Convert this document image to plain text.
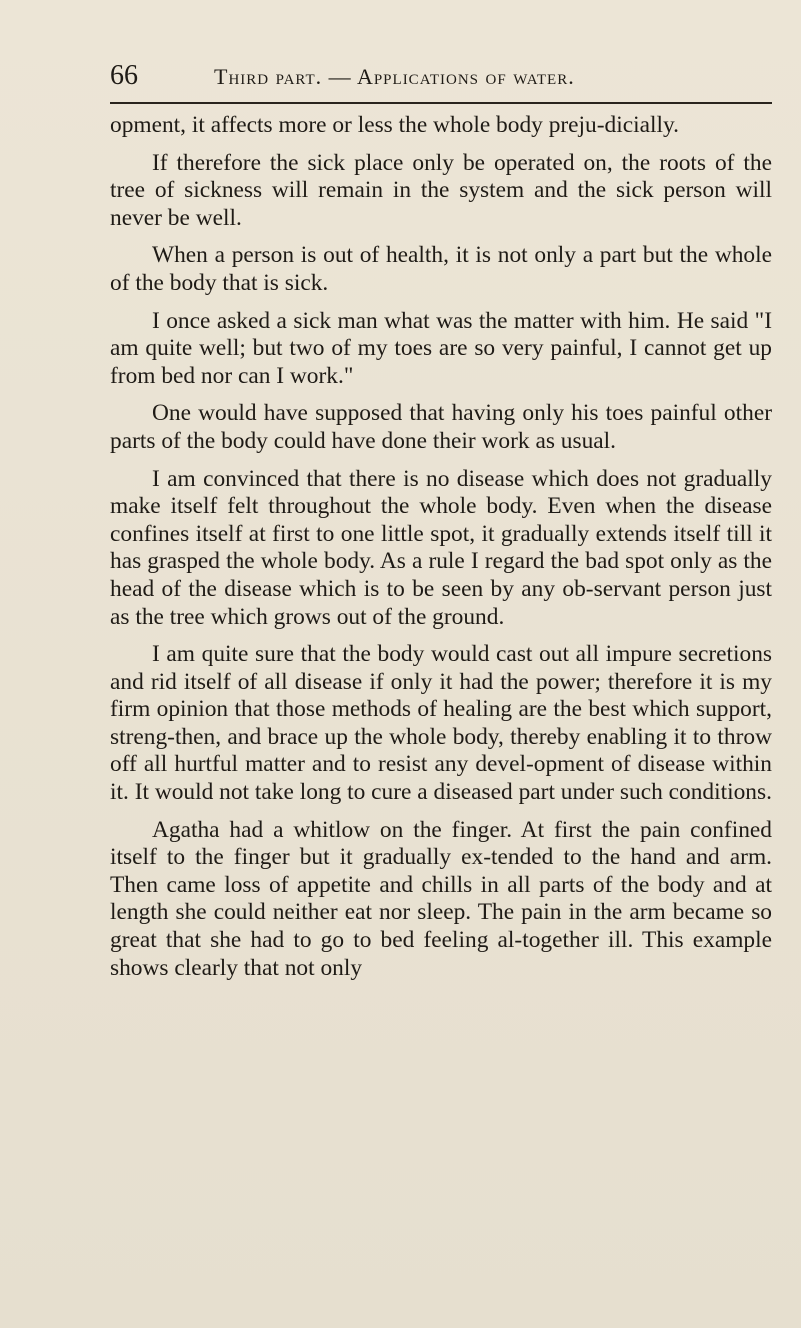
66	Third part. — Applications of water.

opment, it affects more or less the whole body preju-dicially.

If therefore the sick place only be operated on, the roots of the tree of sickness will remain in the system and the sick person will never be well.

When a person is out of health, it is not only a part but the whole of the body that is sick.

I once asked a sick man what was the matter with him. He said "I am quite well; but two of my toes are so very painful, I cannot get up from bed nor can I work."

One would have supposed that having only his toes painful other parts of the body could have done their work as usual.

I am convinced that there is no disease which does not gradually make itself felt throughout the whole body. Even when the disease confines itself at first to one little spot, it gradually extends itself till it has grasped the whole body. As a rule I regard the bad spot only as the head of the disease which is to be seen by any ob-servant person just as the tree which grows out of the ground.

I am quite sure that the body would cast out all impure secretions and rid itself of all disease if only it had the power; therefore it is my firm opinion that those methods of healing are the best which support, streng-then, and brace up the whole body, thereby enabling it to throw off all hurtful matter and to resist any devel-opment of disease within it. It would not take long to cure a diseased part under such conditions.

Agatha had a whitlow on the finger. At first the pain confined itself to the finger but it gradually ex-tended to the hand and arm. Then came loss of appetite and chills in all parts of the body and at length she could neither eat nor sleep. The pain in the arm became so great that she had to go to bed feeling al-together ill. This example shows clearly that not only
